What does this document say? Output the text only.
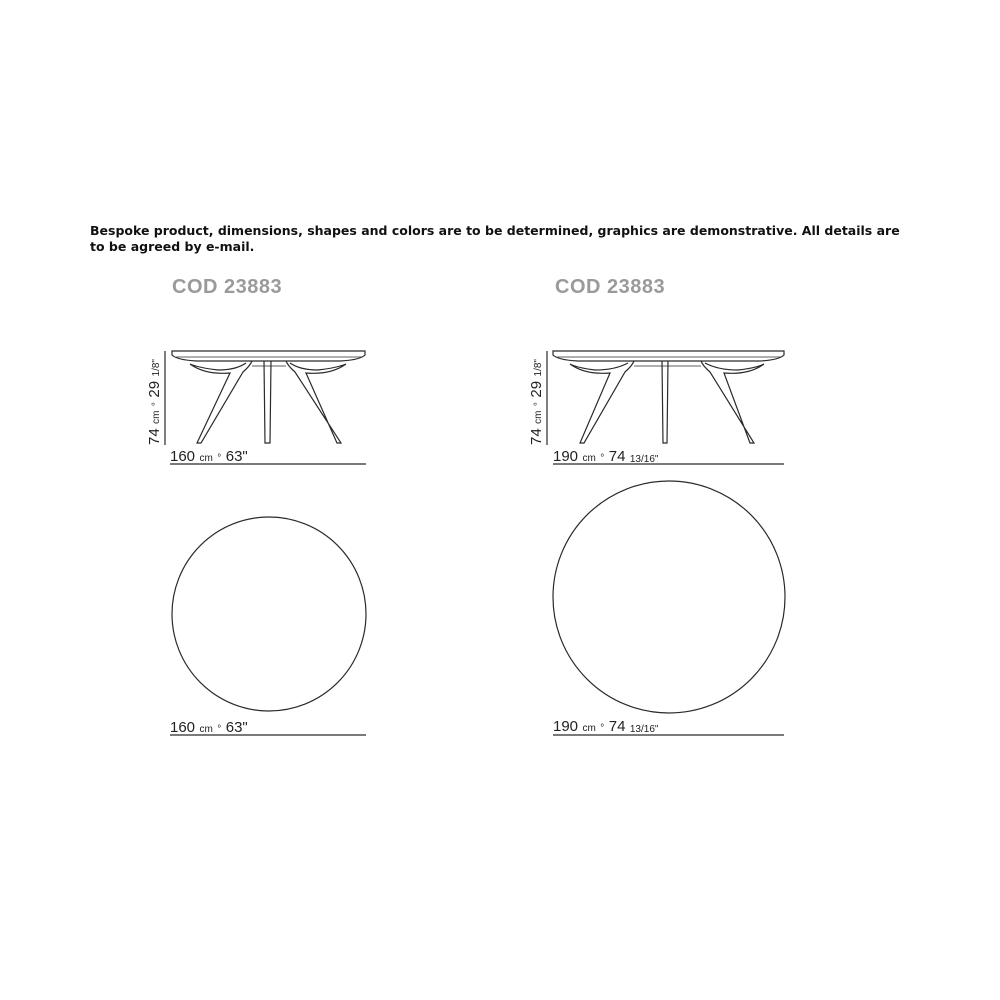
Bespoke product, dimensions, shapes and colors are to be determined, graphics are demonstrative. All details are to be agreed by e-mail.
COD 23883	COD 23883
74 cm ° 29 1/8"
74 cm ° 29 1/8"
160 cm ° 63"	190 cm ° 74 13/16"
160 cm ° 63"	190 cm ° 74 13/16"
